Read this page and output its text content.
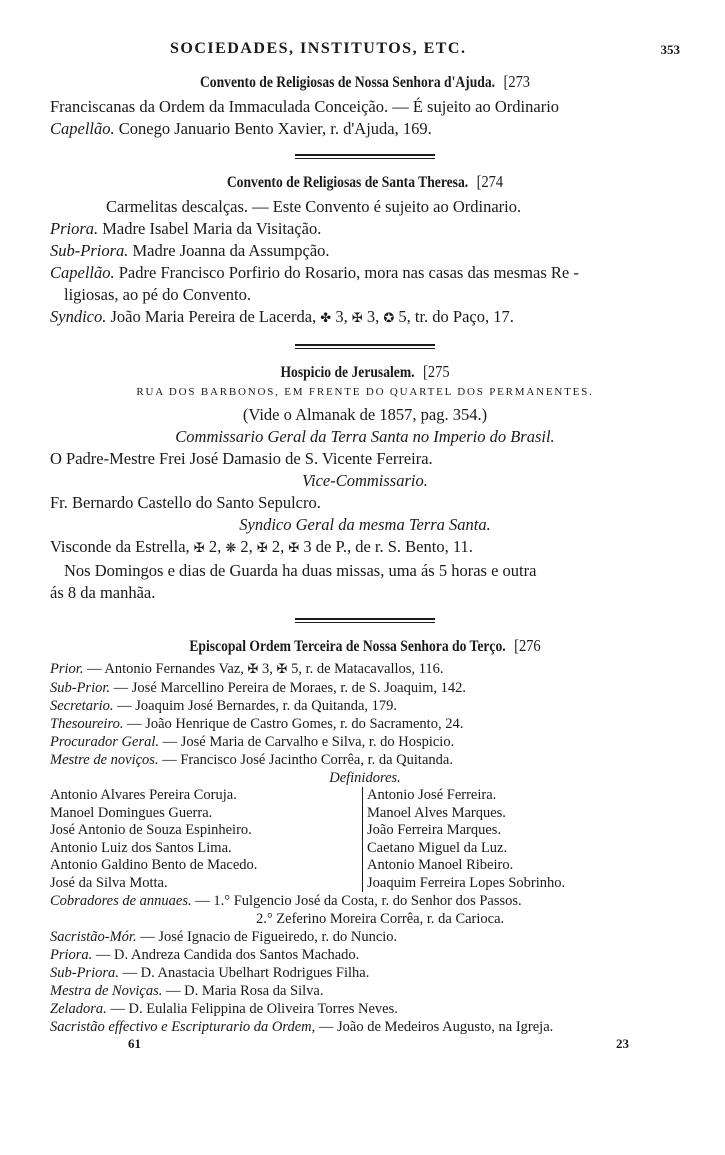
SOCIEDADES, INSTITUTOS, ETC.	353
Convento de Religiosas de Nossa Senhora d'Ajuda. [273
Franciscanas da Ordem da Immaculada Conceição. — É sujeito ao Ordinario
Capellão. Conego Januario Bento Xavier, r. d'Ajuda, 169.
Convento de Religiosas de Santa Theresa. [274
Carmelitas descalças. — Este Convento é sujeito ao Ordinario.
Priora. Madre Isabel Maria da Visitação.
Sub-Priora. Madre Joanna da Assumpção.
Capellão. Padre Francisco Porfirio do Rosario, mora nas casas das mesmas Re -
ligiosas, ao pé do Convento.
Syndico. João Maria Pereira de Lacerda, ✤ 3, ✠ 3, ✪ 5, tr. do Paço, 17.
Hospicio de Jerusalem. [275
RUA DOS BARBONOS, EM FRENTE DO QUARTEL DOS PERMANENTES.
(Vide o Almanak de 1857, pag. 354.)
Commissario Geral da Terra Santa no Imperio do Brasil.
O Padre-Mestre Frei José Damasio de S. Vicente Ferreira.
Vice-Commissario.
Fr. Bernardo Castello do Santo Sepulcro.
Syndico Geral da mesma Terra Santa.
Visconde da Estrella, ✠ 2, ❋ 2, ✠ 2, ✠ 3 de P., de r. S. Bento, 11.
Nos Domingos e dias de Guarda ha duas missas, uma ás 5 horas e outra
ás 8 da manhãa.
Episcopal Ordem Terceira de Nossa Senhora do Terço. [276
Prior. — Antonio Fernandes Vaz, ✠ 3, ✠ 5, r. de Matacavallos, 116.
Sub-Prior. — José Marcellino Pereira de Moraes, r. de S. Joaquim, 142.
Secretario. — Joaquim José Bernardes, r. da Quitanda, 179.
Thesoureiro. — João Henrique de Castro Gomes, r. do Sacramento, 24.
Procurador Geral. — José Maria de Carvalho e Silva, r. do Hospicio.
Mestre de noviços. — Francisco José Jacintho Corrêa, r. da Quitanda.
Definidores.
Antonio Alvares Pereira Coruja.
Manoel Domingues Guerra.
José Antonio de Souza Espinheiro.
Antonio Luiz dos Santos Lima.
Antonio Galdino Bento de Macedo.
José da Silva Motta.
Antonio José Ferreira.
Manoel Alves Marques.
João Ferreira Marques.
Caetano Miguel da Luz.
Antonio Manoel Ribeiro.
Joaquim Ferreira Lopes Sobrinho.
Cobradores de annuaes. — 1.° Fulgencio José da Costa, r. do Senhor dos Passos.
2.° Zeferino Moreira Corrêa, r. da Carioca.
Sacristão-Mór. — José Ignacio de Figueiredo, r. do Nuncio.
Priora. — D. Andreza Candida dos Santos Machado.
Sub-Priora. — D. Anastacia Ubelhart Rodrigues Filha.
Mestra de Noviças. — D. Maria Rosa da Silva.
Zeladora. — D. Eulalia Felippina de Oliveira Torres Neves.
Sacristão effectivo e Escripturario da Ordem, — João de Medeiros Augusto, na Igreja.
61	23
